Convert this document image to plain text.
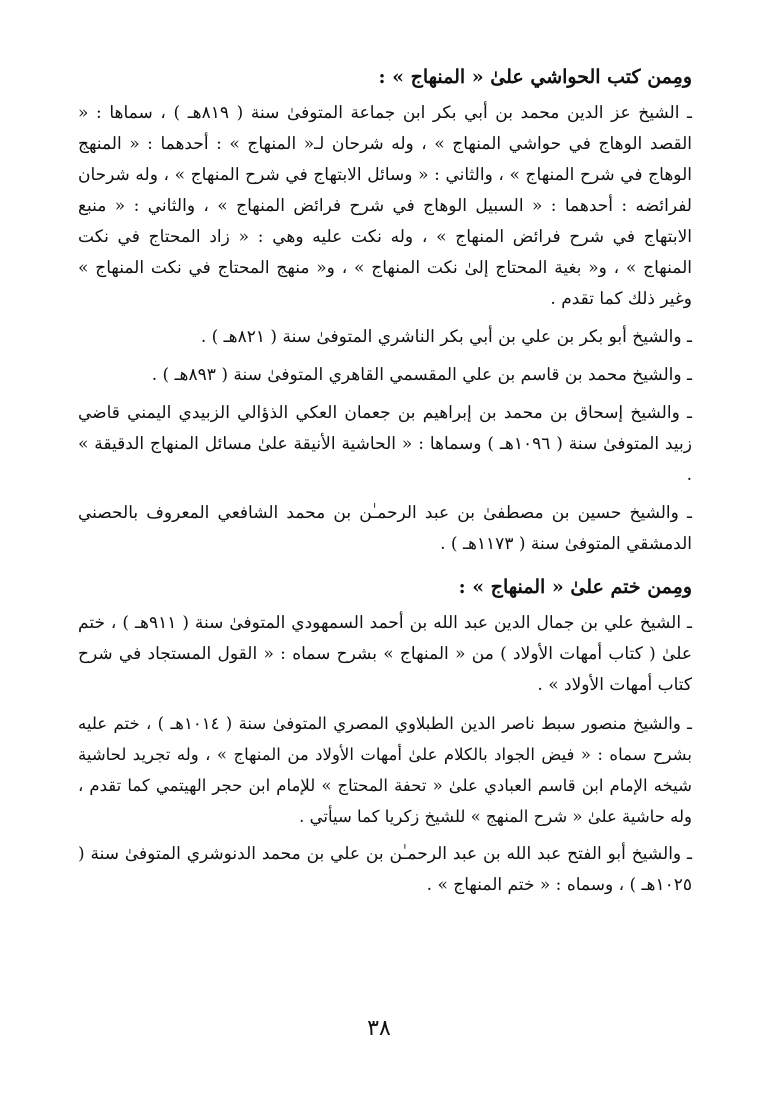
ومِمن كتب الحواشي علىٰ « المنهاج » :

ـ الشيخ عز الدين محمد بن أبي بكر ابن جماعة المتوفىٰ سنة ( ٨١٩هـ ) ، سماها : « القصد الوهاج في حواشي المنهاج » ، وله شرحان لـ« المنهاج » : أحدهما : « المنهج الوهاج في شرح المنهاج » ، والثاني : « وسائل الابتهاج في شرح المنهاج » ، وله شرحان لفرائضه : أحدهما : « السبيل الوهاج في شرح فرائض المنهاج » ، والثاني : « منبع الابتهاج في شرح فرائض المنهاج » ، وله نكت عليه وهي : « زاد المحتاج في نكت المنهاج » ، و« بغية المحتاج إلىٰ نكت المنهاج » ، و« منهج المحتاج في نكت المنهاج » وغير ذلك كما تقدم .

ـ والشيخ أبو بكر بن علي بن أبي بكر الناشري المتوفىٰ سنة ( ٨٢١هـ ) .

ـ والشيخ محمد بن قاسم بن علي المقسمي القاهري المتوفىٰ سنة ( ٨٩٣هـ ) .

ـ والشيخ إسحاق بن محمد بن إبراهيم بن جعمان العكي الذؤالي الزبيدي اليمني قاضي زبيد المتوفىٰ سنة ( ١٠٩٦هـ ) وسماها : « الحاشية الأنيقة علىٰ مسائل المنهاج الدقيقة » .

ـ والشيخ حسين بن مصطفىٰ بن عبد الرحمـٰن بن محمد الشافعي المعروف بالحصني الدمشقي المتوفىٰ سنة ( ١١٧٣هـ ) .

ومِمن ختم علىٰ « المنهاج » :

ـ الشيخ علي بن جمال الدين عبد الله بن أحمد السمهودي المتوفىٰ سنة ( ٩١١هـ ) ، ختم علىٰ ( كتاب أمهات الأولاد ) من « المنهاج » بشرح سماه : « القول المستجاد في شرح كتاب أمهات الأولاد » .

ـ والشيخ منصور سبط ناصر الدين الطبلاوي المصري المتوفىٰ سنة ( ١٠١٤هـ ) ، ختم عليه بشرح سماه : « فيض الجواد بالكلام علىٰ أمهات الأولاد من المنهاج » ، وله تجريد لحاشية شيخه الإمام ابن قاسم العبادي علىٰ « تحفة المحتاج » للإمام ابن حجر الهيتمي كما تقدم ، وله حاشية علىٰ « شرح المنهج » للشيخ زكريا كما سيأتي .

ـ والشيخ أبو الفتح عبد الله بن عبد الرحمـٰن بن علي بن محمد الدنوشري المتوفىٰ سنة ( ١٠٢٥هـ ) ، وسماه : « ختم المنهاج » .

٣٨
